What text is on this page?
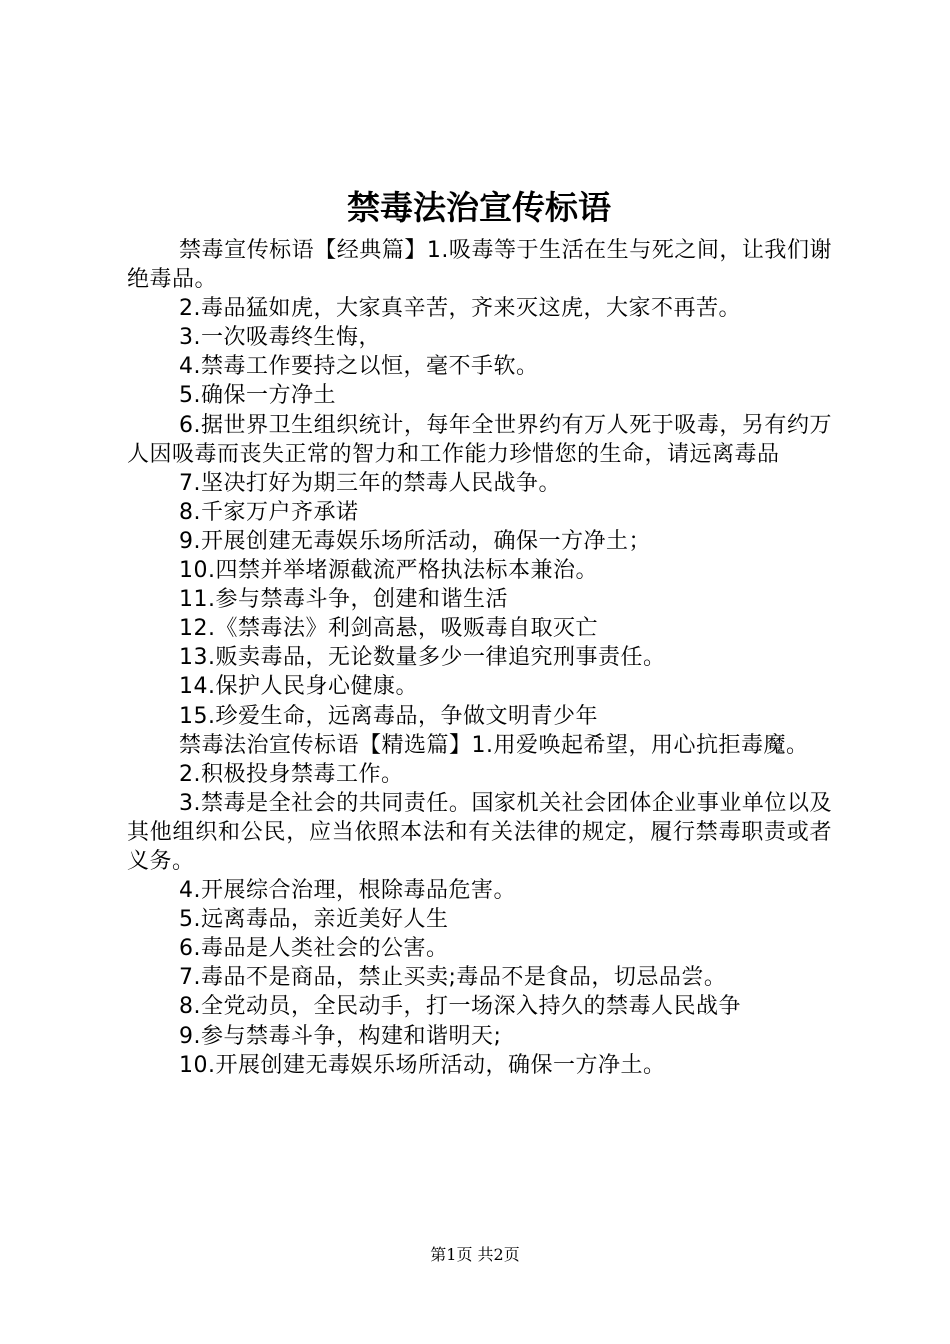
禁毒法治宣传标语

禁毒宣传标语【经典篇】1.吸毒等于生活在生与死之间，让我们谢绝毒品。

2.毒品猛如虎，大家真辛苦，齐来灭这虎，大家不再苦。

3.一次吸毒终生悔，

4.禁毒工作要持之以恒，毫不手软。

5.确保一方净土

6.据世界卫生组织统计，每年全世界约有万人死于吸毒，另有约万人因吸毒而丧失正常的智力和工作能力珍惜您的生命，请远离毒品

7.坚决打好为期三年的禁毒人民战争。

8.千家万户齐承诺

9.开展创建无毒娱乐场所活动，确保一方净土；

10.四禁并举堵源截流严格执法标本兼治。

11.参与禁毒斗争，创建和谐生活

12.《禁毒法》利剑高悬，吸贩毒自取灭亡

13.贩卖毒品，无论数量多少一律追究刑事责任。

14.保护人民身心健康。

15.珍爱生命，远离毒品，争做文明青少年

禁毒法治宣传标语【精选篇】1.用爱唤起希望，用心抗拒毒魔。

2.积极投身禁毒工作。

3.禁毒是全社会的共同责任。国家机关社会团体企业事业单位以及其他组织和公民，应当依照本法和有关法律的规定，履行禁毒职责或者义务。

4.开展综合治理，根除毒品危害。

5.远离毒品，亲近美好人生

6.毒品是人类社会的公害。

7.毒品不是商品，禁止买卖;毒品不是食品，切忌品尝。

8.全党动员，全民动手，打一场深入持久的禁毒人民战争

9.参与禁毒斗争，构建和谐明天;

10.开展创建无毒娱乐场所活动，确保一方净土。

第1页 共2页
